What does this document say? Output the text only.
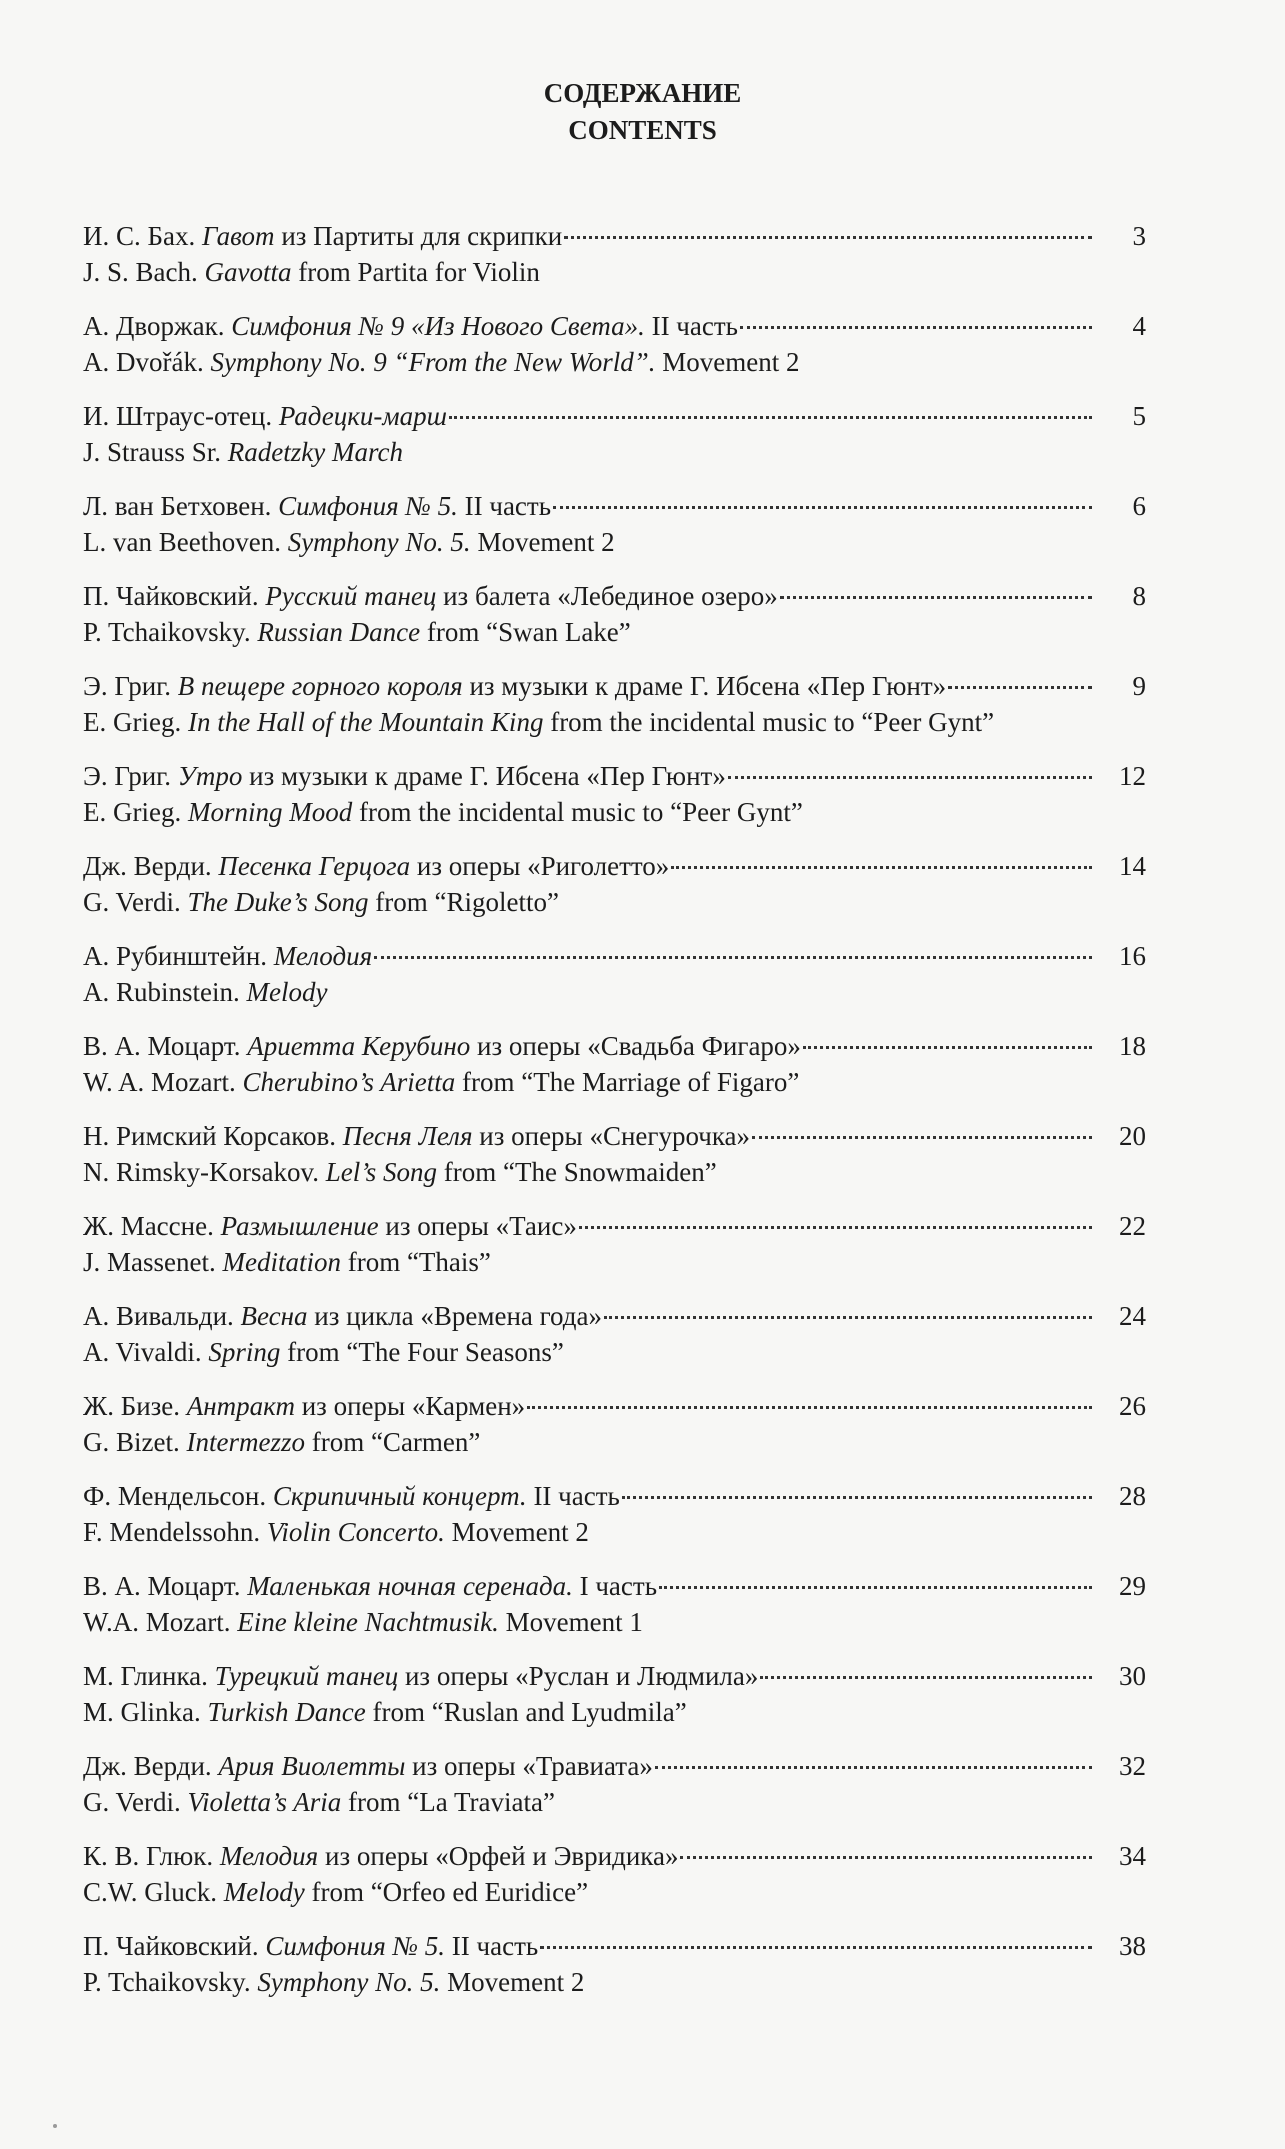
СОДЕРЖАНИЕ
CONTENTS
И. С. Бах. Гавот из Партиты для скрипки	3
J. S. Bach. Gavotta from Partita for Violin
А. Дворжак. Симфония № 9 «Из Нового Света». II часть	4
A. Dvořák. Symphony No. 9 “From the New World”. Movement 2
И. Штраус-отец. Радецки-марш	5
J. Strauss Sr. Radetzky March
Л. ван Бетховен. Симфония № 5. II часть	6
L. van Beethoven. Symphony No. 5. Movement 2
П. Чайковский. Русский танец из балета «Лебединое озеро»	8
P. Tchaikovsky. Russian Dance from “Swan Lake”
Э. Григ. В пещере горного короля из музыки к драме Г. Ибсена «Пер Гюнт»	9
E. Grieg. In the Hall of the Mountain King from the incidental music to “Peer Gynt”
Э. Григ. Утро из музыки к драме Г. Ибсена «Пер Гюнт»	12
E. Grieg. Morning Mood from the incidental music to “Peer Gynt”
Дж. Верди. Песенка Герцога из оперы «Риголетто»	14
G. Verdi. The Duke’s Song from “Rigoletto”
А. Рубинштейн. Мелодия	16
A. Rubinstein. Melody
В. А. Моцарт. Ариетта Керубино из оперы «Свадьба Фигаро»	18
W. A. Mozart. Cherubino’s Arietta from “The Marriage of Figaro”
Н. Римский Корсаков. Песня Леля из оперы «Снегурочка»	20
N. Rimsky-Korsakov. Lel’s Song from “The Snowmaiden”
Ж. Массне. Размышление из оперы «Таис»	22
J. Massenet. Meditation from “Thais”
А. Вивальди. Весна из цикла «Времена года»	24
A. Vivaldi. Spring from “The Four Seasons”
Ж. Бизе. Антракт из оперы «Кармен»	26
G. Bizet. Intermezzo from “Carmen”
Ф. Мендельсон. Скрипичный концерт. II часть	28
F. Mendelssohn. Violin Concerto. Movement 2
В. А. Моцарт. Маленькая ночная серенада. I часть	29
W.A. Mozart. Eine kleine Nachtmusik. Movement 1
М. Глинка. Турецкий танец из оперы «Руслан и Людмила»	30
M. Glinka. Turkish Dance from “Ruslan and Lyudmila”
Дж. Верди. Ария Виолетты из оперы «Травиата»	32
G. Verdi. Violetta’s Aria from “La Traviata”
К. В. Глюк. Мелодия из оперы «Орфей и Эвридика»	34
C.W. Gluck. Melody from “Orfeo ed Euridice”
П. Чайковский. Симфония № 5. II часть	38
P. Tchaikovsky. Symphony No. 5. Movement 2
